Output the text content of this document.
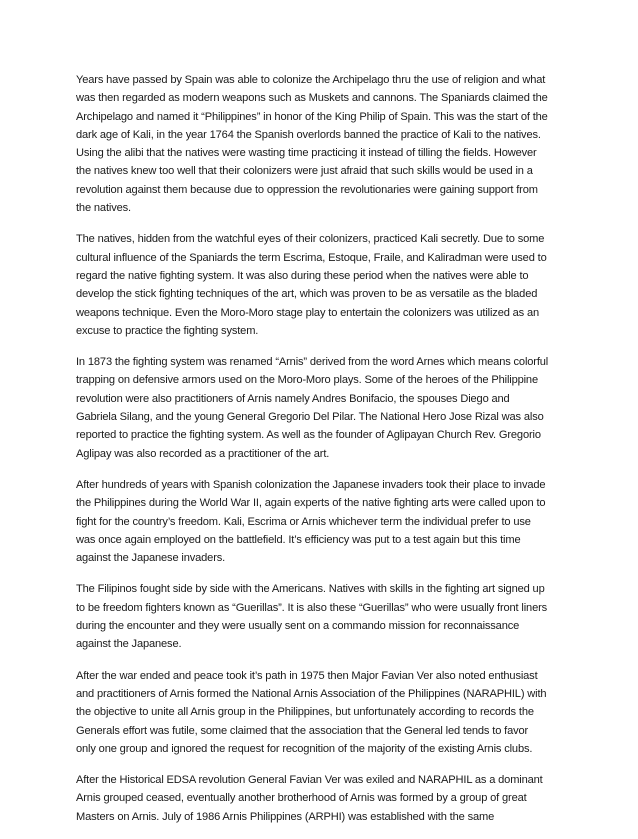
Years have passed by Spain was able to colonize the Archipelago thru the use of religion and what was then regarded as modern weapons such as Muskets and cannons. The Spaniards claimed the Archipelago and named it “Philippines” in honor of the King Philip of Spain. This was the start of the dark age of Kali, in the year 1764 the Spanish overlords banned the practice of Kali to the natives. Using the alibi that the natives were wasting time practicing it instead of tilling the fields. However the natives knew too well that their colonizers were just afraid that such skills would be used in a revolution against them because due to oppression the revolutionaries were gaining support from the natives.

The natives, hidden from the watchful eyes of their colonizers, practiced Kali secretly. Due to some cultural influence of the Spaniards the term Escrima, Estoque, Fraile, and Kaliradman were used to regard the native fighting system. It was also during these period when the natives were able to develop the stick fighting techniques of the art, which was proven to be as versatile as the bladed weapons technique. Even the Moro-Moro stage play to entertain the colonizers was utilized as an excuse to practice the fighting system.

In 1873 the fighting system was renamed “Arnis” derived from the word Arnes which means colorful trapping on defensive armors used on the Moro-Moro plays. Some of the heroes of the Philippine revolution were also practitioners of Arnis namely Andres Bonifacio, the spouses Diego and Gabriela Silang, and the young General Gregorio Del Pilar. The National Hero Jose Rizal was also reported to practice the fighting system. As well as the founder of Aglipayan Church Rev. Gregorio Aglipay was also recorded as a practitioner of the art.

After hundreds of years with Spanish colonization the Japanese invaders took their place to invade the Philippines during the World War II, again experts of the native fighting arts were called upon to fight for the country’s freedom. Kali, Escrima or Arnis whichever term the individual prefer to use was once again employed on the battlefield. It’s efficiency was put to a test again but this time against the Japanese invaders.

The Filipinos fought side by side with the Americans. Natives with skills in the fighting art signed up to be freedom fighters known as “Guerillas”. It is also these “Guerillas” who were usually front liners during the encounter and they were usually sent on a commando mission for reconnaissance against the Japanese.

After the war ended and peace took it’s path in 1975 then Major Favian Ver also noted enthusiast and practitioners of Arnis formed the National Arnis Association of the Philippines (NARAPHIL) with the objective to unite all Arnis group in the Philippines, but unfortunately according to records the Generals effort was futile, some claimed that the association that the General led tends to favor only one group and ignored the request for recognition of the majority of the existing Arnis clubs.

After the Historical EDSA revolution General Favian Ver was exiled and NARAPHIL as a dominant Arnis grouped ceased, eventually another brotherhood of Arnis was formed by a group of great Masters on Arnis. July of 1986 Arnis Philippines (ARPHI) was established with the same
